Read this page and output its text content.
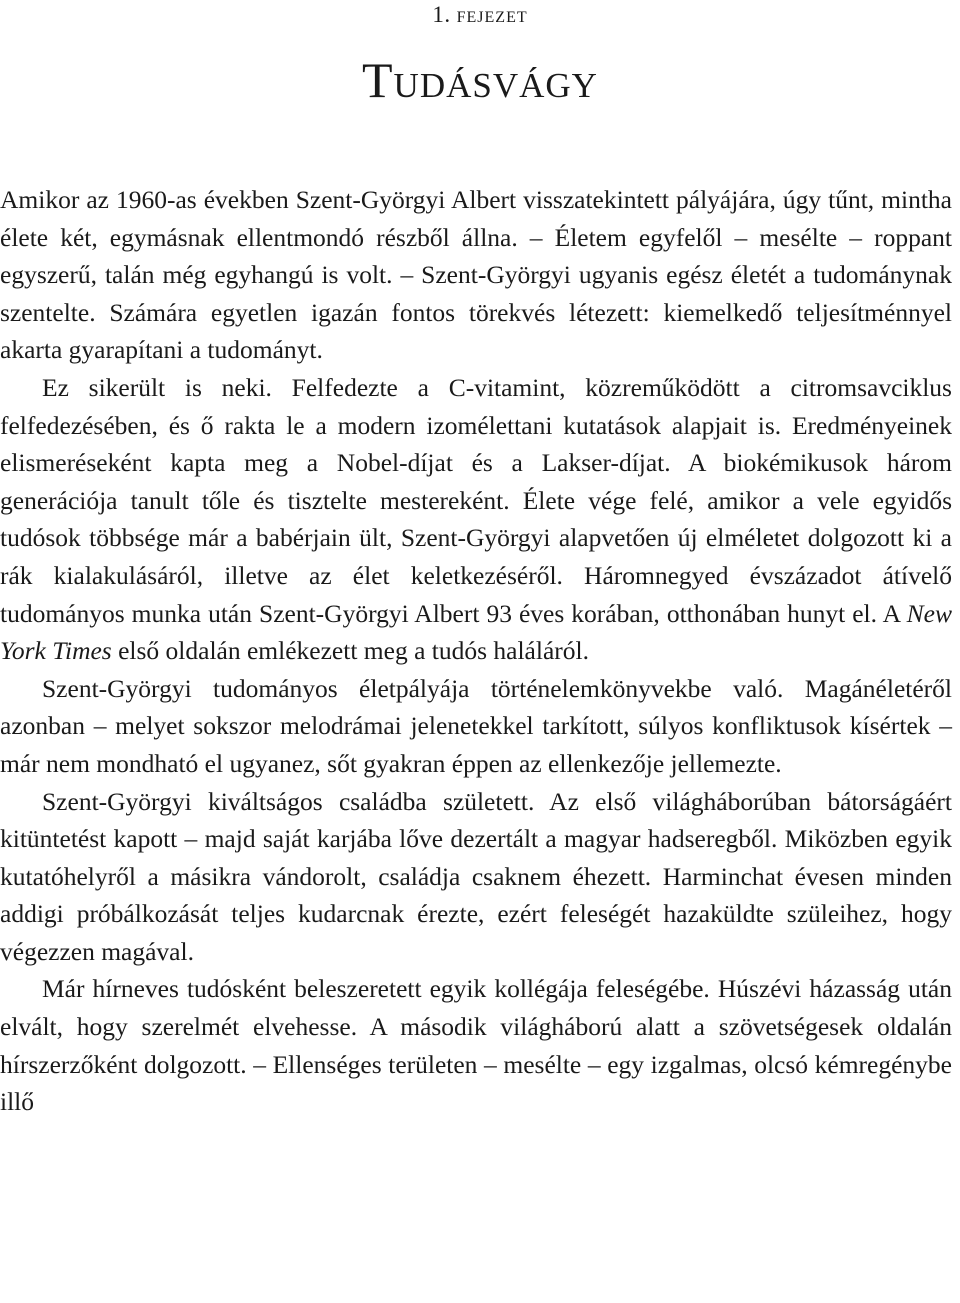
1. fejezet
Tudásvágy

Amikor az 1960-as években Szent-Györgyi Albert visszatekintett pályájára, úgy tűnt, mintha élete két, egymásnak ellentmondó részből állna. – Életem egyfelől – mesélte – roppant egyszerű, talán még egyhangú is volt. – Szent-Györgyi ugyanis egész életét a tudománynak szentelte. Számára egyetlen igazán fontos törekvés létezett: kiemelkedő teljesítménnyel akarta gyarapítani a tudományt.

Ez sikerült is neki. Felfedezte a C-vitamint, közreműködött a citromsavciklus felfedezésében, és ő rakta le a modern izomélettani kutatások alapjait is. Eredményeinek elismeréseként kapta meg a Nobel-díjat és a Lakser-díjat. A biokémikusok három generációja tanult tőle és tisztelte mestereként. Élete vége felé, amikor a vele egyidős tudósok többsége már a babérjain ült, Szent-Györgyi alapvetően új elméletet dolgozott ki a rák kialakulásáról, illetve az élet keletkezéséről. Háromnegyed évszázadot átívelő tudományos munka után Szent-Györgyi Albert 93 éves korában, otthonában hunyt el. A New York Times első oldalán emlékezett meg a tudós haláláról.

Szent-Györgyi tudományos életpályája történelemkönyvekbe való. Magánéletéről azonban – melyet sokszor melodrámai jelenetekkel tarkított, súlyos konfliktusok kísértek – már nem mondható el ugyanez, sőt gyakran éppen az ellenkezője jellemezte.

Szent-Györgyi kiváltságos családba született. Az első világháborúban bátorságáért kitüntetést kapott – majd saját karjába lőve dezertált a magyar hadseregből. Miközben egyik kutatóhelyről a másikra vándorolt, családja csaknem éhezett. Harminchat évesen minden addigi próbálkozását teljes kudarcnak érezte, ezért feleségét hazaküldte szüleihez, hogy végezzen magával.

Már hírneves tudósként beleszeretett egyik kollégája feleségébe. Húszévi házasság után elvált, hogy szerelmét elvehesse. A második világháború alatt a szövetségesek oldalán hírszerzőként dolgozott. – Ellenséges területen – mesélte – egy izgalmas, olcsó kémregénybe illő
